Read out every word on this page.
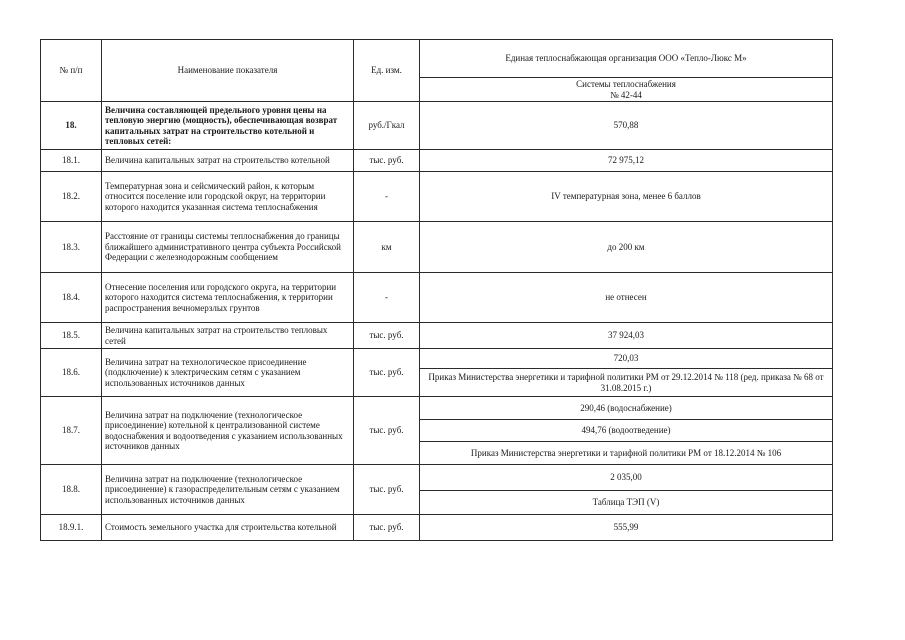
№ п/п	Наименование показателя	Ед. изм.	Единая теплоснабжающая организация ООО «Тепло-Люкс М»

			Системы теплоснабжения
№ 42-44

18.	Величина составляющей предельного уровня цены на тепловую энергию (мощность), обеспечивающая возврат капитальных затрат на строительство котельной и тепловых сетей:	руб./Гкал	570,88
18.1.	Величина капитальных затрат на строительство котельной	тыс. руб.	72 975,12
18.2.	Температурная зона и сейсмический район, к которым относится поселение или городской округ, на территории которого находится указанная система теплоснабжения	-	IV температурная зона, менее 6 баллов
18.3.	Расстояние от границы системы теплоснабжения до границы ближайшего административного центра субъекта Российской Федерации с железнодорожным сообщением	км	до 200 км
18.4.	Отнесение поселения или городского округа, на территории которого находится система теплоснабжения, к территории распространения вечномерзлых грунтов	-	не отнесен
18.5.	Величина капитальных затрат на строительство тепловых сетей	тыс. руб.	37 924,03
18.6.	Величина затрат на технологическое присоединение (подключение) к электрическим сетям с указанием использованных источников данных	тыс. руб.	720,03
			Приказ Министерства энергетики и тарифной политики РМ от 29.12.2014 № 118 (ред. приказа № 68 от 31.08.2015 г.)
18.7.	Величина затрат на подключение (технологическое присоединение) котельной к централизованной системе водоснабжения и водоотведения с указанием использованных источников данных	тыс. руб.	290,46 (водоснабжение)
			494,76 (водоотведение)
			Приказ Министерства энергетики и тарифной политики РМ от 18.12.2014 № 106
18.8.	Величина затрат на подключение (технологическое присоединение) к газораспределительным сетям с указанием использованных источников данных	тыс. руб.	2 035,00
			Таблица ТЭП (V)
18.9.1.	Стоимость земельного участка для строительства котельной	тыс. руб.	555,99
